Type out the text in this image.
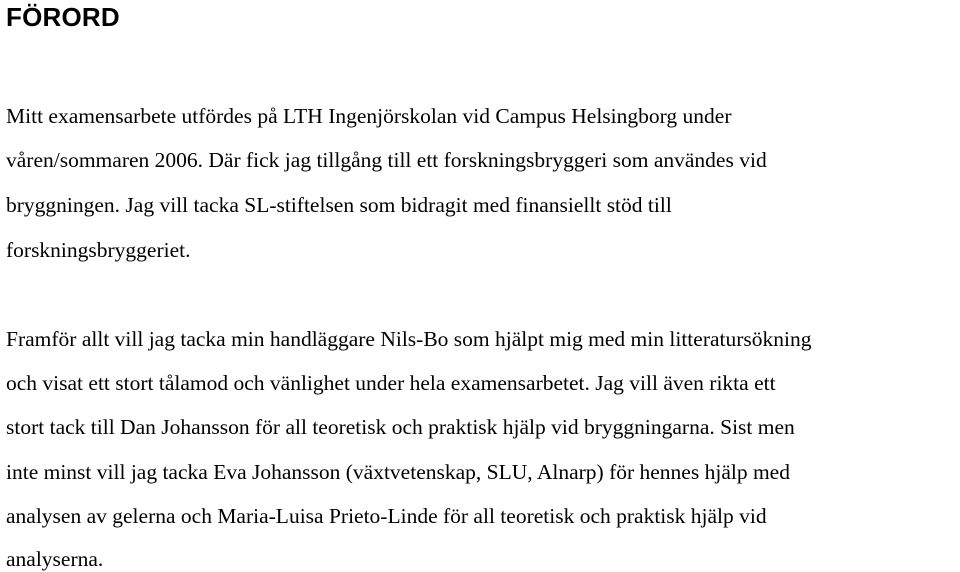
FÖRORD

Mitt examensarbete utfördes på LTH Ingenjörskolan vid Campus Helsingborg under

våren/sommaren 2006. Där fick jag tillgång till ett forskningsbryggeri som användes vid

bryggningen. Jag vill tacka SL-stiftelsen som bidragit med finansiellt stöd till

forskningsbryggeriet.

Framför allt vill jag tacka min handläggare Nils-Bo som hjälpt mig med min litteratursökning

och visat ett stort tålamod och vänlighet under hela examensarbetet. Jag vill även rikta ett

stort tack till Dan Johansson för all teoretisk och praktisk hjälp vid bryggningarna. Sist men

inte minst vill jag tacka Eva Johansson (växtvetenskap, SLU, Alnarp) för hennes hjälp med

analysen av gelerna och Maria-Luisa Prieto-Linde för all teoretisk och praktisk hjälp vid

analyserna.
